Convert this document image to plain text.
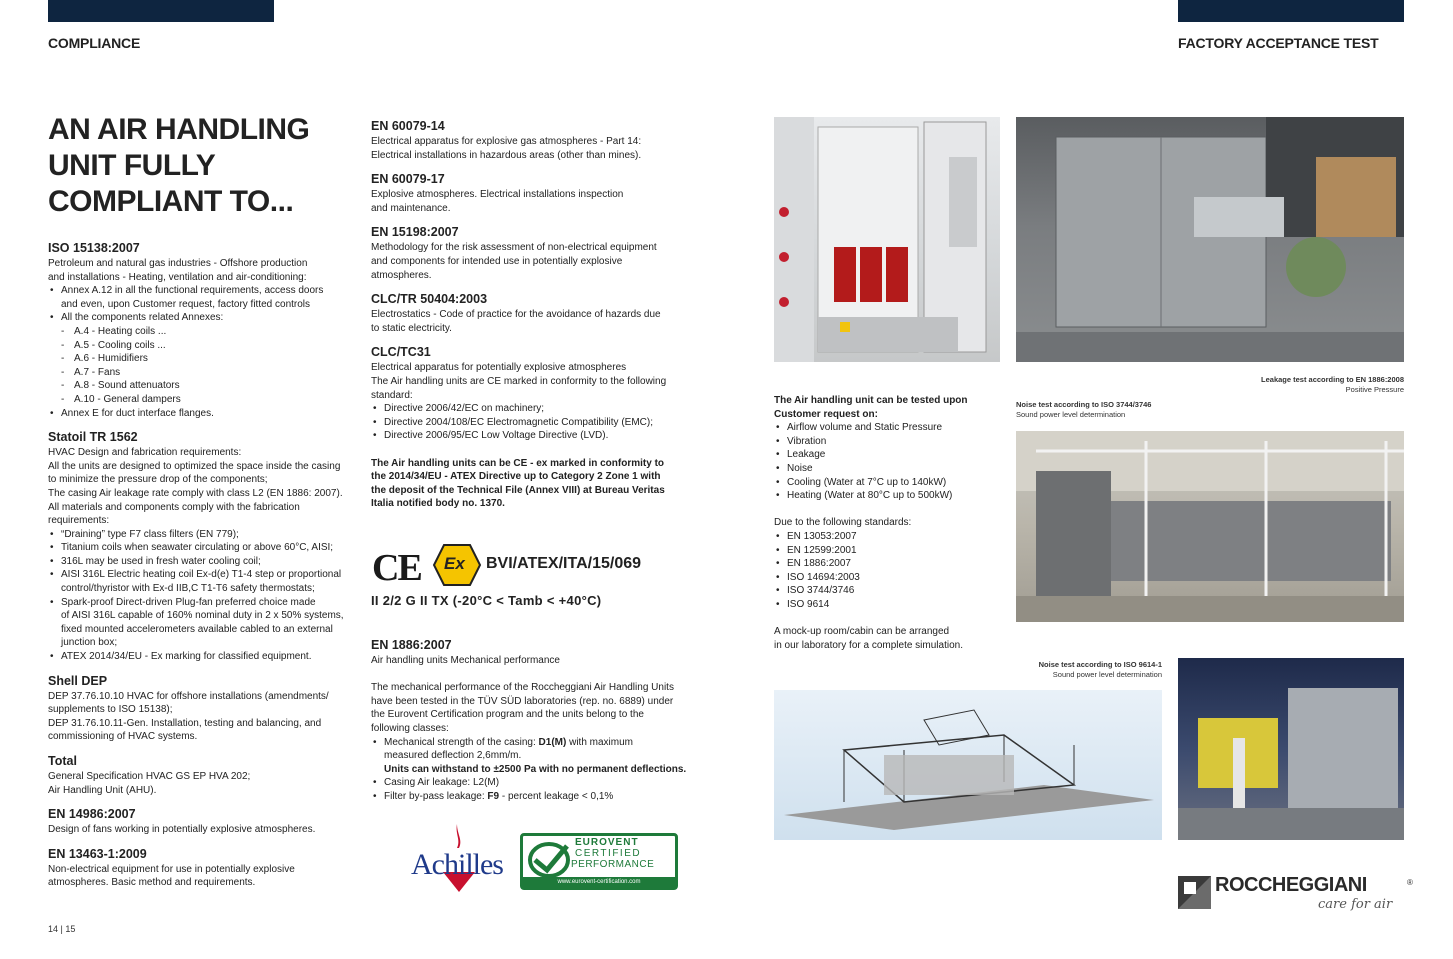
COMPLIANCE	FACTORY ACCEPTANCE TEST
AN AIR HANDLING
UNIT FULLY
COMPLIANT TO...
ISO 15138:2007

Petroleum and natural gas industries - Offshore production

and installations - Heating, ventilation and air-conditioning:

• Annex A.12 in all the functional requirements, access doors
and even, upon Customer request, factory fitted controls
• All the components related Annexes:
- A.4 - Heating coils ...
- A.5 - Cooling coils ...
- A.6 - Humidifiers
- A.7 - Fans
- A.8 - Sound attenuators
- A.10 - General dampers
• Annex E for duct interface flanges.
Statoil TR 1562

HVAC Design and fabrication requirements:

All the units are designed to optimized the space inside the casing

to minimize the pressure drop of the components;

The casing Air leakage rate comply with class L2 (EN 1886: 2007).

All materials and components comply with the fabrication

requirements:

• “Draining” type F7 class filters (EN 779);
• Titanium coils when seawater circulating or above 60°C, AISI;
• 316L may be used in fresh water cooling coil;
• AISI 316L Electric heating coil Ex-d(e) T1-4 step or proportional
control/thyristor with Ex-d IIB,C T1-T6 safety thermostats;
• Spark-proof Direct-driven Plug-fan preferred choice made
of AISI 316L capable of 160% nominal duty in 2 x 50% systems,
fixed mounted accelerometers available cabled to an external
junction box;
• ATEX 2014/34/EU - Ex marking for classified equipment.
Shell DEP

DEP 37.76.10.10 HVAC for offshore installations (amendments/

supplements to ISO 15138);

DEP 31.76.10.11-Gen. Installation, testing and balancing, and

commissioning of HVAC systems.

Total

General Specification HVAC GS EP HVA 202;

Air Handling Unit (AHU).

EN 14986:2007

Design of fans working in potentially explosive atmospheres.

EN 13463-1:2009

Non-electrical equipment for use in potentially explosive

atmospheres. Basic method and requirements.

EN 60079-14

Electrical apparatus for explosive gas atmospheres - Part 14:

Electrical installations in hazardous areas (other than mines).

EN 60079-17

Explosive atmospheres. Electrical installations inspection

and maintenance.

EN 15198:2007

Methodology for the risk assessment of non-electrical equipment

and components for intended use in potentially explosive

atmospheres.

CLC/TR 50404:2003

Electrostatics - Code of practice for the avoidance of hazards due

to static electricity.

CLC/TC31

Electrical apparatus for potentially explosive atmospheres

The Air handling units are CE marked in conformity to the following

standard:

• Directive 2006/42/EC on machinery;
• Directive 2004/108/EC Electromagnetic Compatibility (EMC);
• Directive 2006/95/EC Low Voltage Directive (LVD).

The Air handling units can be CE - ex marked in conformity to

the 2014/34/EU - ATEX Directive up to Category 2 Zone 1 with

the deposit of the Technical File (Annex VIII) at Bureau Veritas

Italia notified body no. 1370.

CE Ex BVI/ATEX/ITA/15/069
II 2/2 G II TX (-20°C < Tamb < +40°C)
EN 1886:2007

Air handling units Mechanical performance

The mechanical performance of the Roccheggiani Air Handling Units

have been tested in the TÜV SÜD laboratories (rep. no. 6889) under

the Eurovent Certification program and the units belong to the

following classes:

• Mechanical strength of the casing: D1(M) with maximum
measured deflection 2,6mm/m.
Units can withstand to ±2500 Pa with no permanent deflections.
• Casing Air leakage: L2(M)
• Filter by-pass leakage: F9 - percent leakage < 0,1%
Achilles
EUROVENT
CERTIFIED
PERFORMANCE
www.eurovent-certification.com
14 | 15
Leakage test according to EN 1886:2008
Positive Pressure
Noise test according to ISO 3744/3746
Sound power level determination

The Air handling unit can be tested upon

Customer request on:

• Airflow volume and Static Pressure
• Vibration
• Leakage
• Noise
• Cooling (Water at 7°C up to 140kW)
• Heating (Water at 80°C up to 500kW)

Due to the following standards:

• EN 13053:2007
• EN 12599:2001
• EN 1886:2007
• ISO 14694:2003
• ISO 3744/3746
• ISO 9614

A mock-up room/cabin can be arranged

in our laboratory for a complete simulation.

Noise test according to ISO 9614-1
Sound power level determination
ROCCHEGGIANI	®
care for air
